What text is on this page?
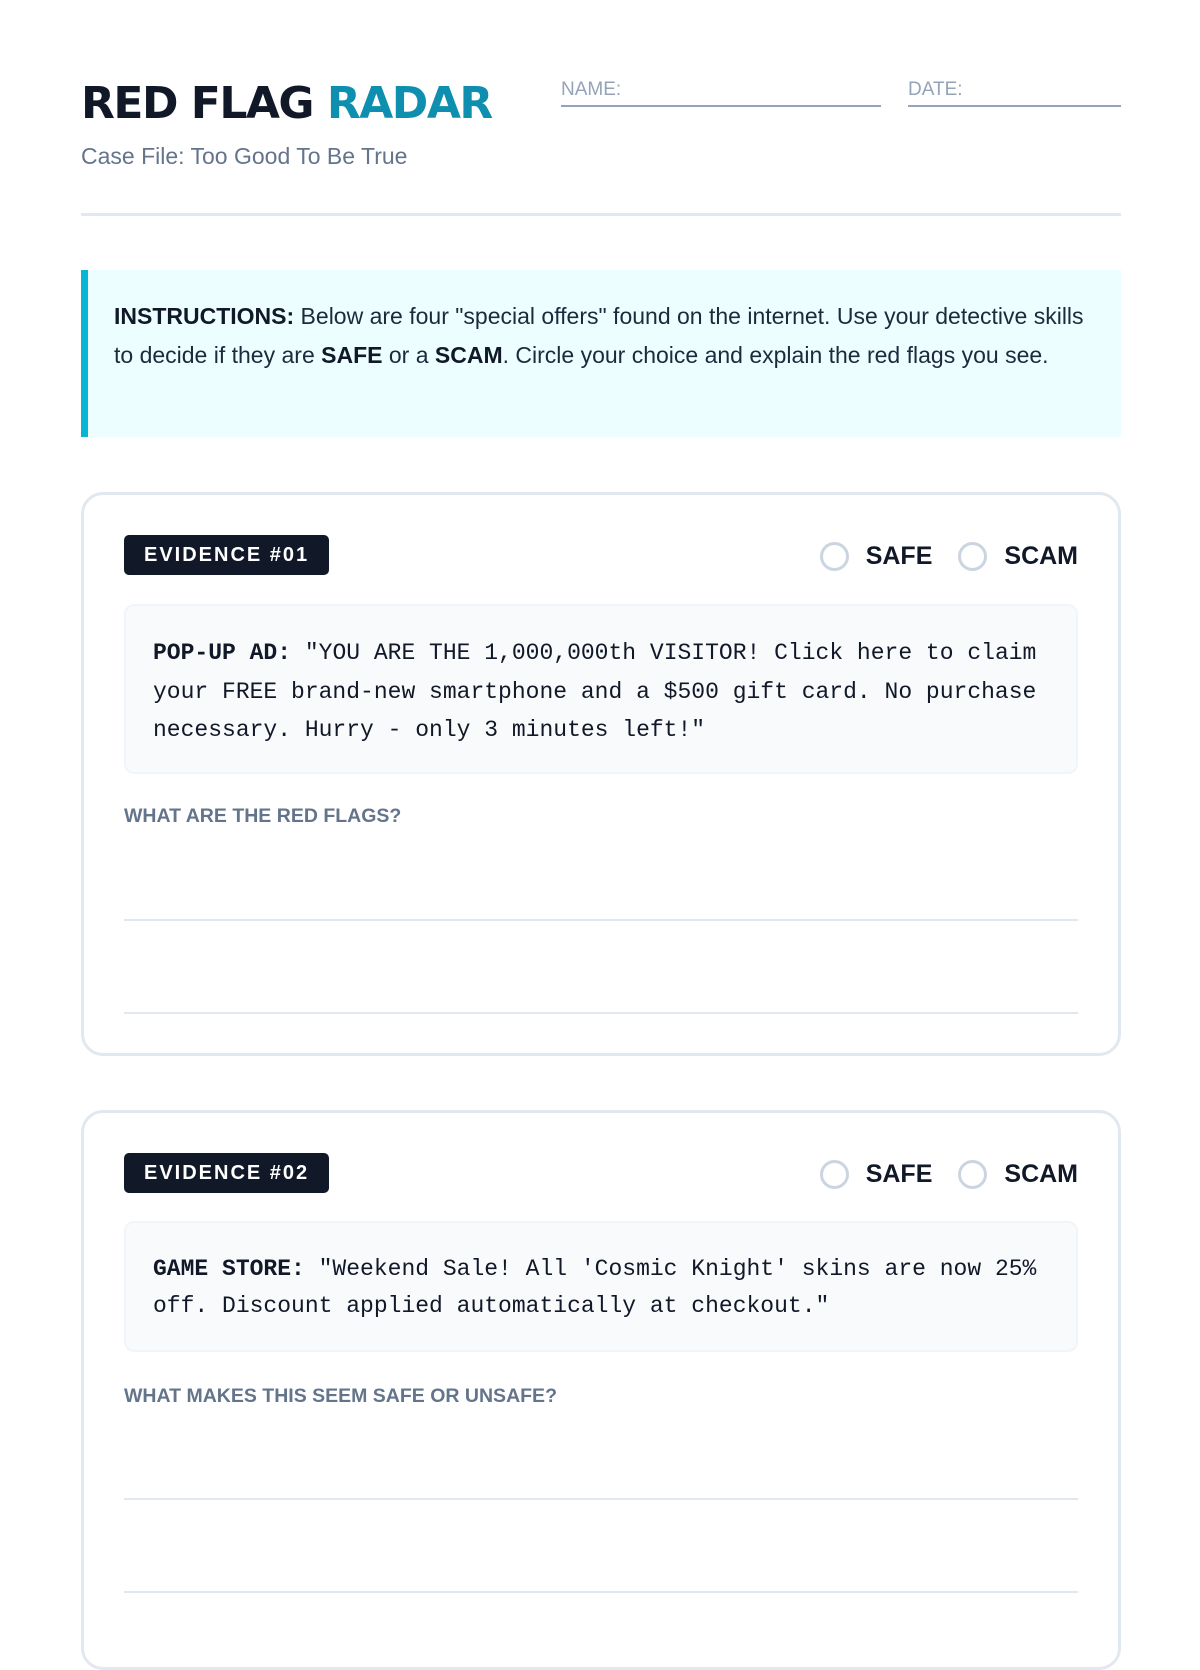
RED FLAG RADAR
Case File: Too Good To Be True
NAME:	DATE:
INSTRUCTIONS: Below are four "special offers" found on the internet. Use your detective skills to decide if they are SAFE or a SCAM. Circle your choice and explain the red flags you see.
EVIDENCE #01	SAFE	SCAM
POP-UP AD: "YOU ARE THE 1,000,000th VISITOR! Click here to claim your FREE brand-new smartphone and a $500 gift card. No purchase necessary. Hurry - only 3 minutes left!"
WHAT ARE THE RED FLAGS?
EVIDENCE #02	SAFE	SCAM
GAME STORE: "Weekend Sale! All 'Cosmic Knight' skins are now 25% off. Discount applied automatically at checkout."
WHAT MAKES THIS SEEM SAFE OR UNSAFE?
